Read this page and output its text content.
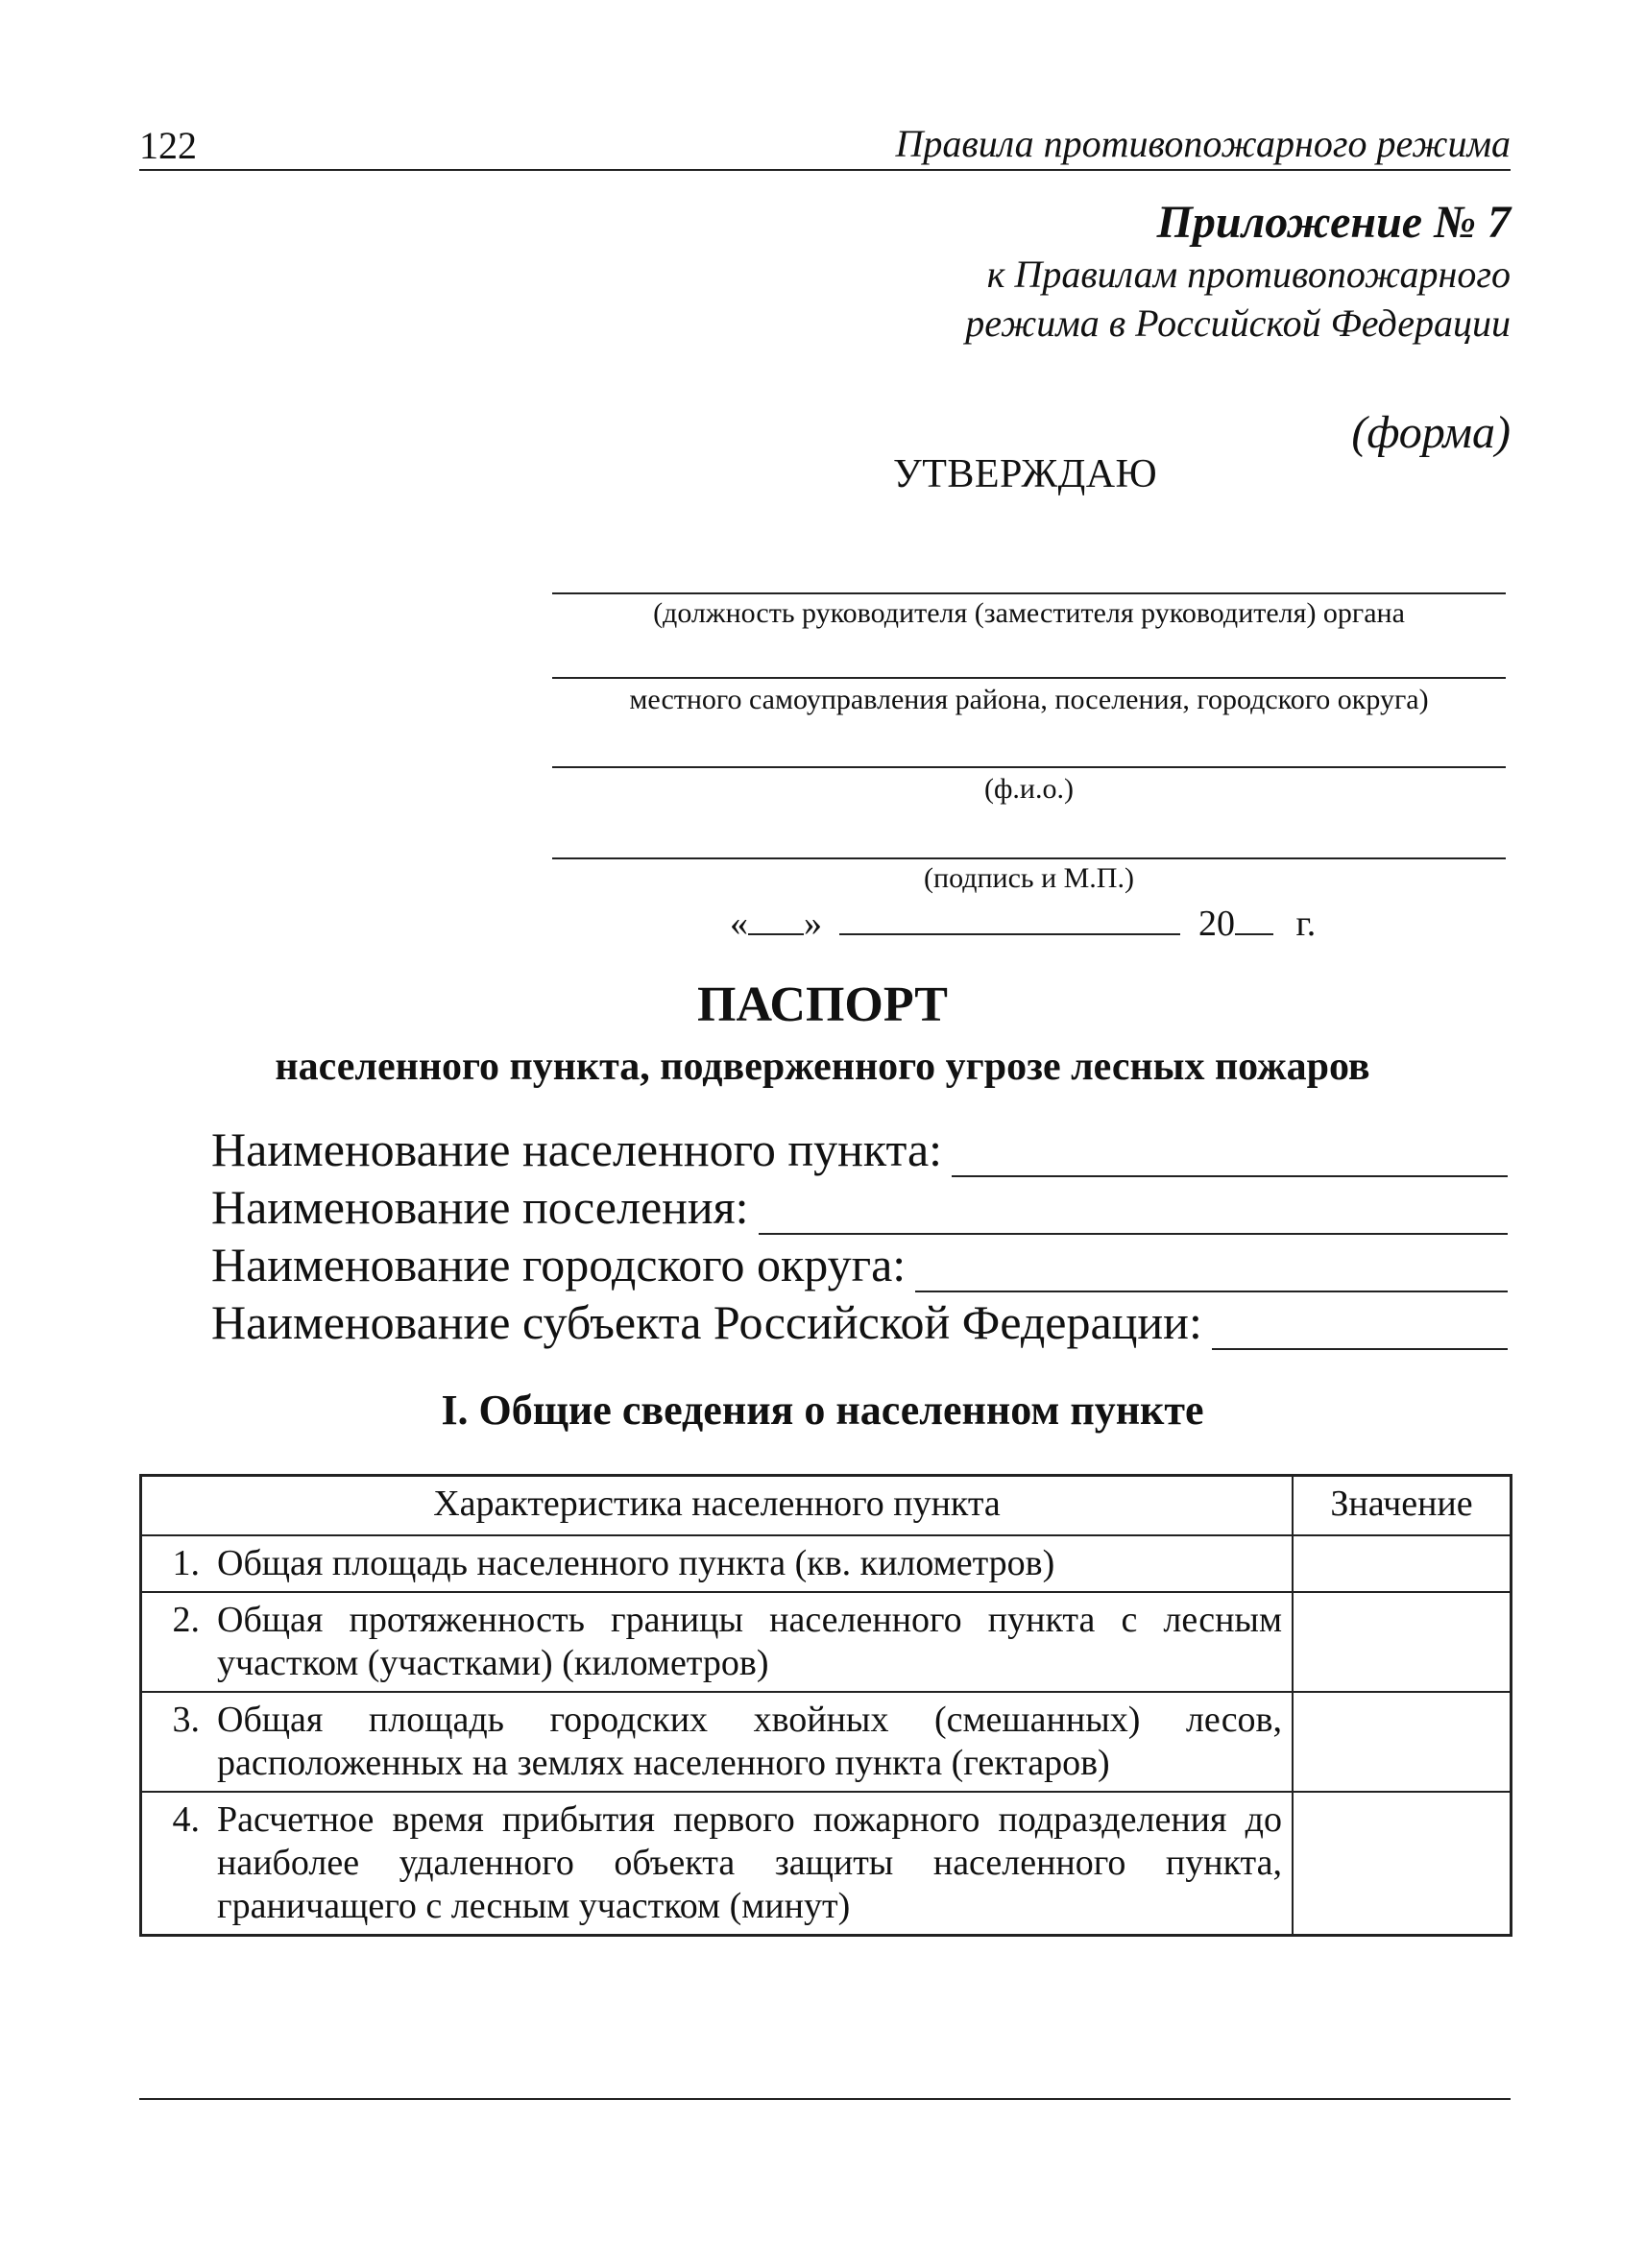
122	Правила противопожарного режима
Приложение № 7
к Правилам противопожарного
режима в Российской Федерации
(форма)
УТВЕРЖДАЮ
(должность руководителя (заместителя руководителя) органа
местного самоуправления района, поселения, городского округа)
(ф.и.о.)
(подпись и М.П.)
« »	20 г.
ПАСПОРТ
населенного пункта, подверженного угрозе лесных пожаров
Наименование населенного пункта:
Наименование поселения:
Наименование городского округа:
Наименование субъекта Российской Федерации:
I. Общие сведения о населенном пункте
Характеристика населенного пункта		Значение
1.	Общая площадь населенного пункта (кв. километров)	
2.	Общая протяженность границы населенного пункта с лесным участком (участками) (километров)	
3.	Общая площадь городских хвойных (смешанных) лесов, расположенных на землях населенного пункта (гектаров)	
4.	Расчетное время прибытия первого пожарного подразделения до наиболее удаленного объекта защиты населенного пункта, граничащего с лесным участком (минут)	
